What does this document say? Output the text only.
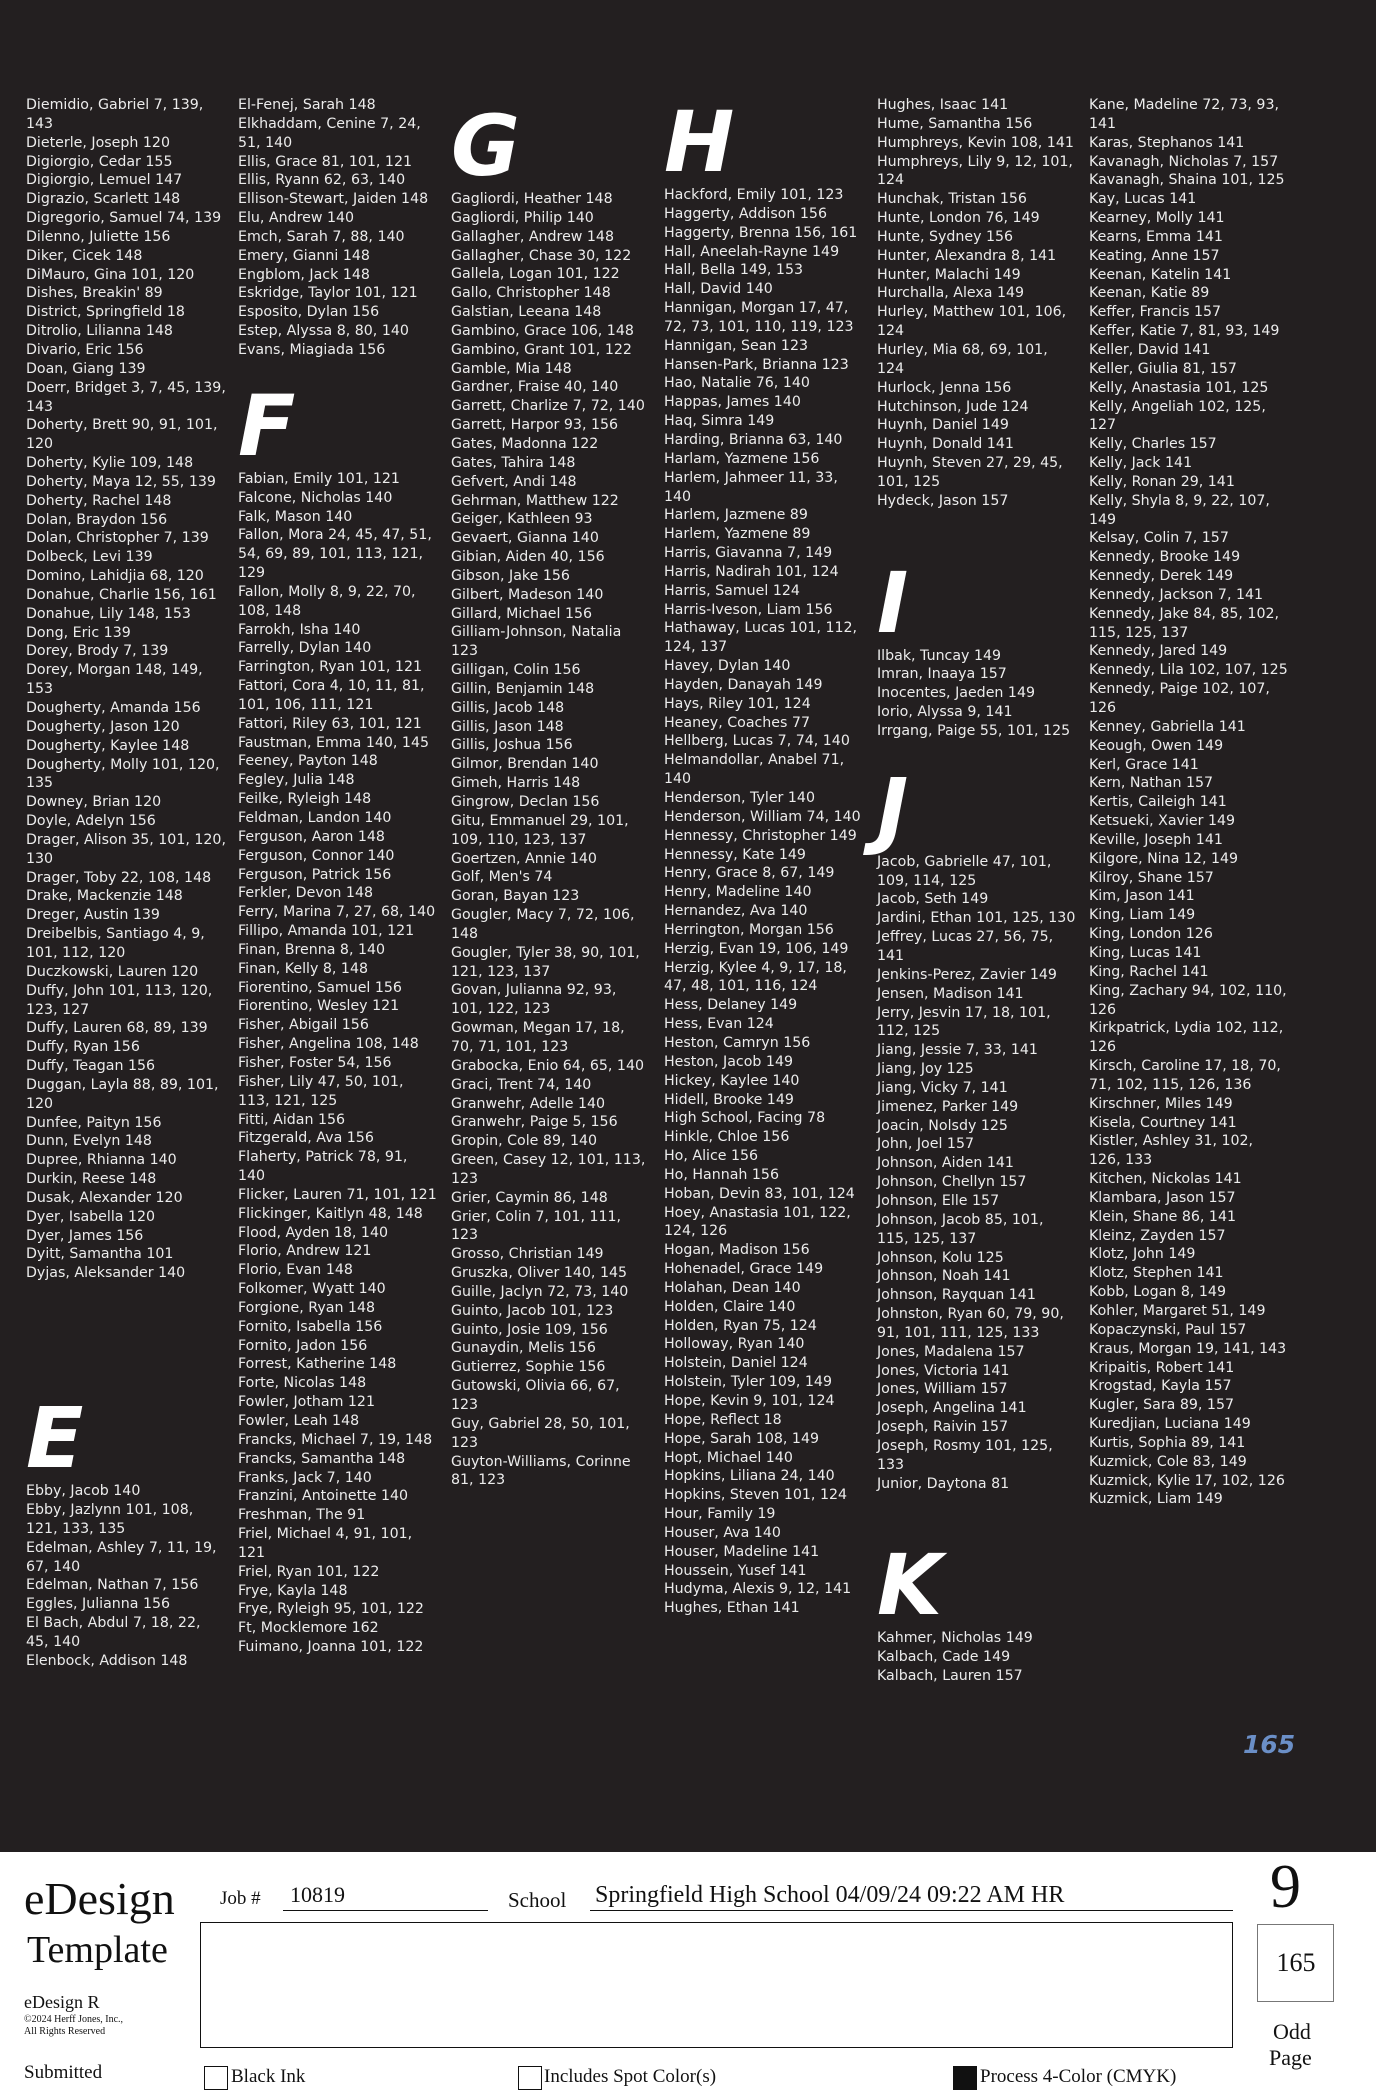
Diemidio, Gabriel 7, 139, 143
Dieterle, Joseph 120
Digiorgio, Cedar 155
Digiorgio, Lemuel 147
Digrazio, Scarlett 148
Digregorio, Samuel 74, 139
Dilenno, Juliette 156
Diker, Cicek 148
DiMauro, Gina 101, 120
Dishes, Breakin' 89
District, Springfield 18
Ditrolio, Lilianna 148
Divario, Eric 156
Doan, Giang 139
Doerr, Bridget 3, 7, 45, 139, 143
Doherty, Brett 90, 91, 101, 120
Doherty, Kylie 109, 148
Doherty, Maya 12, 55, 139
Doherty, Rachel 148
Dolan, Braydon 156
Dolan, Christopher 7, 139
Dolbeck, Levi 139
Domino, Lahidjia 68, 120
Donahue, Charlie 156, 161
Donahue, Lily 148, 153
Dong, Eric 139
Dorey, Brody 7, 139
Dorey, Morgan 148, 149, 153
Dougherty, Amanda 156
Dougherty, Jason 120
Dougherty, Kaylee 148
Dougherty, Molly 101, 120, 135
Downey, Brian 120
Doyle, Adelyn 156
Drager, Alison 35, 101, 120, 130
Drager, Toby 22, 108, 148
Drake, Mackenzie 148
Dreger, Austin 139
Dreibelbis, Santiago 4, 9, 101, 112, 120
Duczkowski, Lauren 120
Duffy, John 101, 113, 120, 123, 127
Duffy, Lauren 68, 89, 139
Duffy, Ryan 156
Duffy, Teagan 156
Duggan, Layla 88, 89, 101, 120
Dunfee, Paityn 156
Dunn, Evelyn 148
Dupree, Rhianna 140
Durkin, Reese 148
Dusak, Alexander 120
Dyer, Isabella 120
Dyer, James 156
Dyitt, Samantha 101
Dyjas, Aleksander 140
E
Ebby, Jacob 140
Ebby, Jazlynn 101, 108, 121, 133, 135
Edelman, Ashley 7, 11, 19, 67, 140
Edelman, Nathan 7, 156
Eggles, Julianna 156
El Bach, Abdul 7, 18, 22, 45, 140
Elenbock, Addison 148
El-Fenej, Sarah 148
Elkhaddam, Cenine 7, 24, 51, 140
Ellis, Grace 81, 101, 121
Ellis, Ryann 62, 63, 140
Ellison-Stewart, Jaiden 148
Elu, Andrew 140
Emch, Sarah 7, 88, 140
Emery, Gianni 148
Engblom, Jack 148
Eskridge, Taylor 101, 121
Esposito, Dylan 156
Estep, Alyssa 8, 80, 140
Evans, Miagiada 156
F
Fabian, Emily 101, 121
Falcone, Nicholas 140
Falk, Mason 140
Fallon, Mora 24, 45, 47, 51, 54, 69, 89, 101, 113, 121, 129
Fallon, Molly 8, 9, 22, 70, 108, 148
Farrokh, Isha 140
Farrelly, Dylan 140
Farrington, Ryan 101, 121
Fattori, Cora 4, 10, 11, 81, 101, 106, 111, 121
Fattori, Riley 63, 101, 121
Faustman, Emma 140, 145
Feeney, Payton 148
Fegley, Julia 148
Feilke, Ryleigh 148
Feldman, Landon 140
Ferguson, Aaron 148
Ferguson, Connor 140
Ferguson, Patrick 156
Ferkler, Devon 148
Ferry, Marina 7, 27, 68, 140
Fillipo, Amanda 101, 121
Finan, Brenna 8, 140
Finan, Kelly 8, 148
Fiorentino, Samuel 156
Fiorentino, Wesley 121
Fisher, Abigail 156
Fisher, Angelina 108, 148
Fisher, Foster 54, 156
Fisher, Lily 47, 50, 101, 113, 121, 125
Fitti, Aidan 156
Fitzgerald, Ava 156
Flaherty, Patrick 78, 91, 140
Flicker, Lauren 71, 101, 121
Flickinger, Kaitlyn 48, 148
Flood, Ayden 18, 140
Florio, Andrew 121
Florio, Evan 148
Folkomer, Wyatt 140
Forgione, Ryan 148
Fornito, Isabella 156
Fornito, Jadon 156
Forrest, Katherine 148
Forte, Nicolas 148
Fowler, Jotham 121
Fowler, Leah 148
Francks, Michael 7, 19, 148
Francks, Samantha 148
Franks, Jack 7, 140
Franzini, Antoinette 140
Freshman, The 91
Friel, Michael 4, 91, 101, 121
Friel, Ryan 101, 122
Frye, Kayla 148
Frye, Ryleigh 95, 101, 122
Ft, Mocklemore 162
Fuimano, Joanna 101, 122
G
Gagliordi, Heather 148
Gagliordi, Philip 140
Gallagher, Andrew 148
Gallagher, Chase 30, 122
Gallela, Logan 101, 122
Gallo, Christopher 148
Galstian, Leeana 148
Gambino, Grace 106, 148
Gambino, Grant 101, 122
Gamble, Mia 148
Gardner, Fraise 40, 140
Garrett, Charlize 7, 72, 140
Garrett, Harpor 93, 156
Gates, Madonna 122
Gates, Tahira 148
Gefvert, Andi 148
Gehrman, Matthew 122
Geiger, Kathleen 93
Gevaert, Gianna 140
Gibian, Aiden 40, 156
Gibson, Jake 156
Gilbert, Madeson 140
Gillard, Michael 156
Gilliam-Johnson, Natalia 123
Gilligan, Colin 156
Gillin, Benjamin 148
Gillis, Jacob 148
Gillis, Jason 148
Gillis, Joshua 156
Gilmor, Brendan 140
Gimeh, Harris 148
Gingrow, Declan 156
Gitu, Emmanuel 29, 101, 109, 110, 123, 137
Goertzen, Annie 140
Golf, Men's 74
Goran, Bayan 123
Gougler, Macy 7, 72, 106, 148
Gougler, Tyler 38, 90, 101, 121, 123, 137
Govan, Julianna 92, 93, 101, 122, 123
Gowman, Megan 17, 18, 70, 71, 101, 123
Grabocka, Enio 64, 65, 140
Graci, Trent 74, 140
Granwehr, Adelle 140
Granwehr, Paige 5, 156
Gropin, Cole 89, 140
Green, Casey 12, 101, 113, 123
Grier, Caymin 86, 148
Grier, Colin 7, 101, 111, 123
Grosso, Christian 149
Gruszka, Oliver 140, 145
Guille, Jaclyn 72, 73, 140
Guinto, Jacob 101, 123
Guinto, Josie 109, 156
Gunaydin, Melis 156
Gutierrez, Sophie 156
Gutowski, Olivia 66, 67, 123
Guy, Gabriel 28, 50, 101, 123
Guyton-Williams, Corinne 81, 123
H
Hackford, Emily 101, 123
Haggerty, Addison 156
Haggerty, Brenna 156, 161
Hall, Aneelah-Rayne 149
Hall, Bella 149, 153
Hall, David 140
Hannigan, Morgan 17, 47, 72, 73, 101, 110, 119, 123
Hannigan, Sean 123
Hansen-Park, Brianna 123
Hao, Natalie 76, 140
Happas, James 140
Haq, Simra 149
Harding, Brianna 63, 140
Harlam, Yazmene 156
Harlem, Jahmeer 11, 33, 140
Harlem, Jazmene 89
Harlem, Yazmene 89
Harris, Giavanna 7, 149
Harris, Nadirah 101, 124
Harris, Samuel 124
Harris-Iveson, Liam 156
Hathaway, Lucas 101, 112, 124, 137
Havey, Dylan 140
Hayden, Danayah 149
Hays, Riley 101, 124
Heaney, Coaches 77
Hellberg, Lucas 7, 74, 140
Helmandollar, Anabel 71, 140
Henderson, Tyler 140
Henderson, William 74, 140
Hennessy, Christopher 149
Hennessy, Kate 149
Henry, Grace 8, 67, 149
Henry, Madeline 140
Hernandez, Ava 140
Herrington, Morgan 156
Herzig, Evan 19, 106, 149
Herzig, Kylee 4, 9, 17, 18, 47, 48, 101, 116, 124
Hess, Delaney 149
Hess, Evan 124
Heston, Camryn 156
Heston, Jacob 149
Hickey, Kaylee 140
Hidell, Brooke 149
High School, Facing 78
Hinkle, Chloe 156
Ho, Alice 156
Ho, Hannah 156
Hoban, Devin 83, 101, 124
Hoey, Anastasia 101, 122, 124, 126
Hogan, Madison 156
Hohenadel, Grace 149
Holahan, Dean 140
Holden, Claire 140
Holden, Ryan 75, 124
Holloway, Ryan 140
Holstein, Daniel 124
Holstein, Tyler 109, 149
Hope, Kevin 9, 101, 124
Hope, Reflect 18
Hope, Sarah 108, 149
Hopt, Michael 140
Hopkins, Liliana 24, 140
Hopkins, Steven 101, 124
Hour, Family 19
Houser, Ava 140
Houser, Madeline 141
Houssein, Yusef 141
Hudyma, Alexis 9, 12, 141
Hughes, Ethan 141
Hughes, Isaac 141
Hume, Samantha 156
Humphreys, Kevin 108, 141
Humphreys, Lily 9, 12, 101, 124
Hunchak, Tristan 156
Hunte, London 76, 149
Hunte, Sydney 156
Hunter, Alexandra 8, 141
Hunter, Malachi 149
Hurchalla, Alexa 149
Hurley, Matthew 101, 106, 124
Hurley, Mia 68, 69, 101, 124
Hurlock, Jenna 156
Hutchinson, Jude 124
Huynh, Daniel 149
Huynh, Donald 141
Huynh, Steven 27, 29, 45, 101, 125
Hydeck, Jason 157
I
Ilbak, Tuncay 149
Imran, Inaaya 157
Inocentes, Jaeden 149
Iorio, Alyssa 9, 141
Irrgang, Paige 55, 101, 125
J
Jacob, Gabrielle 47, 101, 109, 114, 125
Jacob, Seth 149
Jardini, Ethan 101, 125, 130
Jeffrey, Lucas 27, 56, 75, 141
Jenkins-Perez, Zavier 149
Jensen, Madison 141
Jerry, Jesvin 17, 18, 101, 112, 125
Jiang, Jessie 7, 33, 141
Jiang, Joy 125
Jiang, Vicky 7, 141
Jimenez, Parker 149
Joacin, Nolsdy 125
John, Joel 157
Johnson, Aiden 141
Johnson, Chellyn 157
Johnson, Elle 157
Johnson, Jacob 85, 101, 115, 125, 137
Johnson, Kolu 125
Johnson, Noah 141
Johnson, Rayquan 141
Johnston, Ryan 60, 79, 90, 91, 101, 111, 125, 133
Jones, Madalena 157
Jones, Victoria 141
Jones, William 157
Joseph, Angelina 141
Joseph, Raivin 157
Joseph, Rosmy 101, 125, 133
Junior, Daytona 81
K
Kahmer, Nicholas 149
Kalbach, Cade 149
Kalbach, Lauren 157
Kane, Madeline 72, 73, 93, 141
Karas, Stephanos 141
Kavanagh, Nicholas 7, 157
Kavanagh, Shaina 101, 125
Kay, Lucas 141
Kearney, Molly 141
Kearns, Emma 141
Keating, Anne 157
Keenan, Katelin 141
Keenan, Katie 89
Keffer, Francis 157
Keffer, Katie 7, 81, 93, 149
Keller, David 141
Keller, Giulia 81, 157
Kelly, Anastasia 101, 125
Kelly, Angeliah 102, 125, 127
Kelly, Charles 157
Kelly, Jack 141
Kelly, Ronan 29, 141
Kelly, Shyla 8, 9, 22, 107, 149
Kelsay, Colin 7, 157
Kennedy, Brooke 149
Kennedy, Derek 149
Kennedy, Jackson 7, 141
Kennedy, Jake 84, 85, 102, 115, 125, 137
Kennedy, Jared 149
Kennedy, Lila 102, 107, 125
Kennedy, Paige 102, 107, 126
Kenney, Gabriella 141
Keough, Owen 149
Kerl, Grace 141
Kern, Nathan 157
Kertis, Caileigh 141
Ketsueki, Xavier 149
Keville, Joseph 141
Kilgore, Nina 12, 149
Kilroy, Shane 157
Kim, Jason 141
King, Liam 149
King, London 126
King, Lucas 141
King, Rachel 141
King, Zachary 94, 102, 110, 126
Kirkpatrick, Lydia 102, 112, 126
Kirsch, Caroline 17, 18, 70, 71, 102, 115, 126, 136
Kirschner, Miles 149
Kisela, Courtney 141
Kistler, Ashley 31, 102, 126, 133
Kitchen, Nickolas 141
Klambara, Jason 157
Klein, Shane 86, 141
Kleinz, Zayden 157
Klotz, John 149
Klotz, Stephen 141
Kobb, Logan 8, 149
Kohler, Margaret 51, 149
Kopaczynski, Paul 157
Kraus, Morgan 19, 141, 143
Kripaitis, Robert 141
Krogstad, Kayla 157
Kugler, Sara 89, 157
Kuredjian, Luciana 149
Kurtis, Sophia 89, 141
Kuzmick, Cole 83, 149
Kuzmick, Kylie 17, 102, 126
Kuzmick, Liam 149
165
eDesign
Template
eDesign R
©2024 Herff Jones, Inc.,
All Rights Reserved
Submitted
Job # 10819	School Springfield High School 04/09/24 09:22 AM HR	9
165
Odd
Page
Black Ink	Includes Spot Color(s)	Process 4-Color (CMYK)
